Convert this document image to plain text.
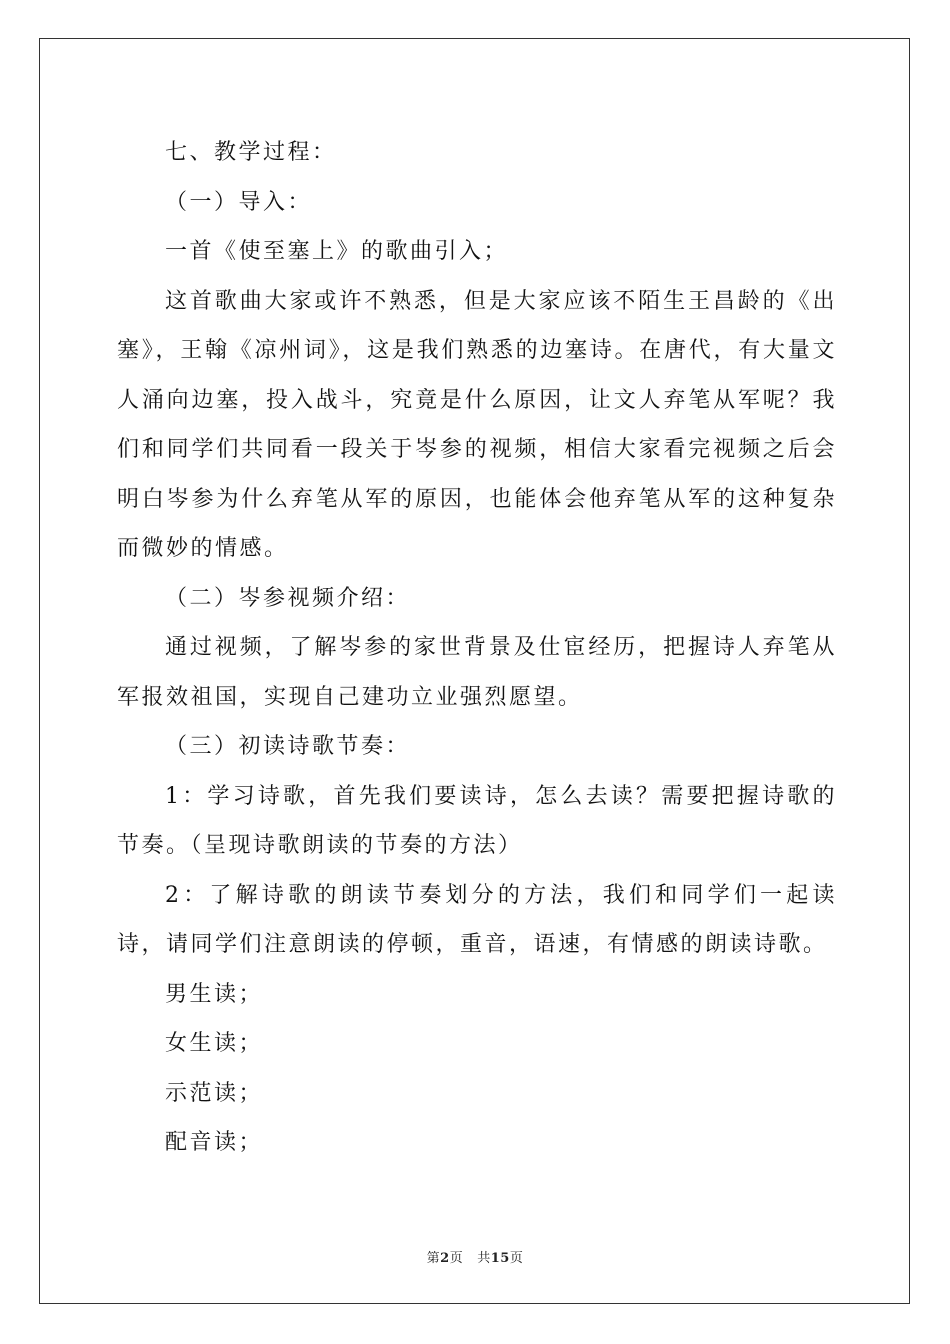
七、教学过程：

（一）导入：

一首《使至塞上》的歌曲引入；

这首歌曲大家或许不熟悉，但是大家应该不陌生王昌龄的《出塞》，王翰《凉州词》，这是我们熟悉的边塞诗。在唐代，有大量文人涌向边塞，投入战斗，究竟是什么原因，让文人弃笔从军呢？我们和同学们共同看一段关于岑参的视频，相信大家看完视频之后会明白岑参为什么弃笔从军的原因，也能体会他弃笔从军的这种复杂而微妙的情感。

（二）岑参视频介绍：

通过视频，了解岑参的家世背景及仕宦经历，把握诗人弃笔从军报效祖国，实现自己建功立业强烈愿望。

（三）初读诗歌节奏：

1：学习诗歌，首先我们要读诗，怎么去读？需要把握诗歌的节奏。（呈现诗歌朗读的节奏的方法）

2：了解诗歌的朗读节奏划分的方法，我们和同学们一起读诗，请同学们注意朗读的停顿，重音，语速，有情感的朗读诗歌。

男生读；

女生读；

示范读；

配音读；

第2页 共15页
